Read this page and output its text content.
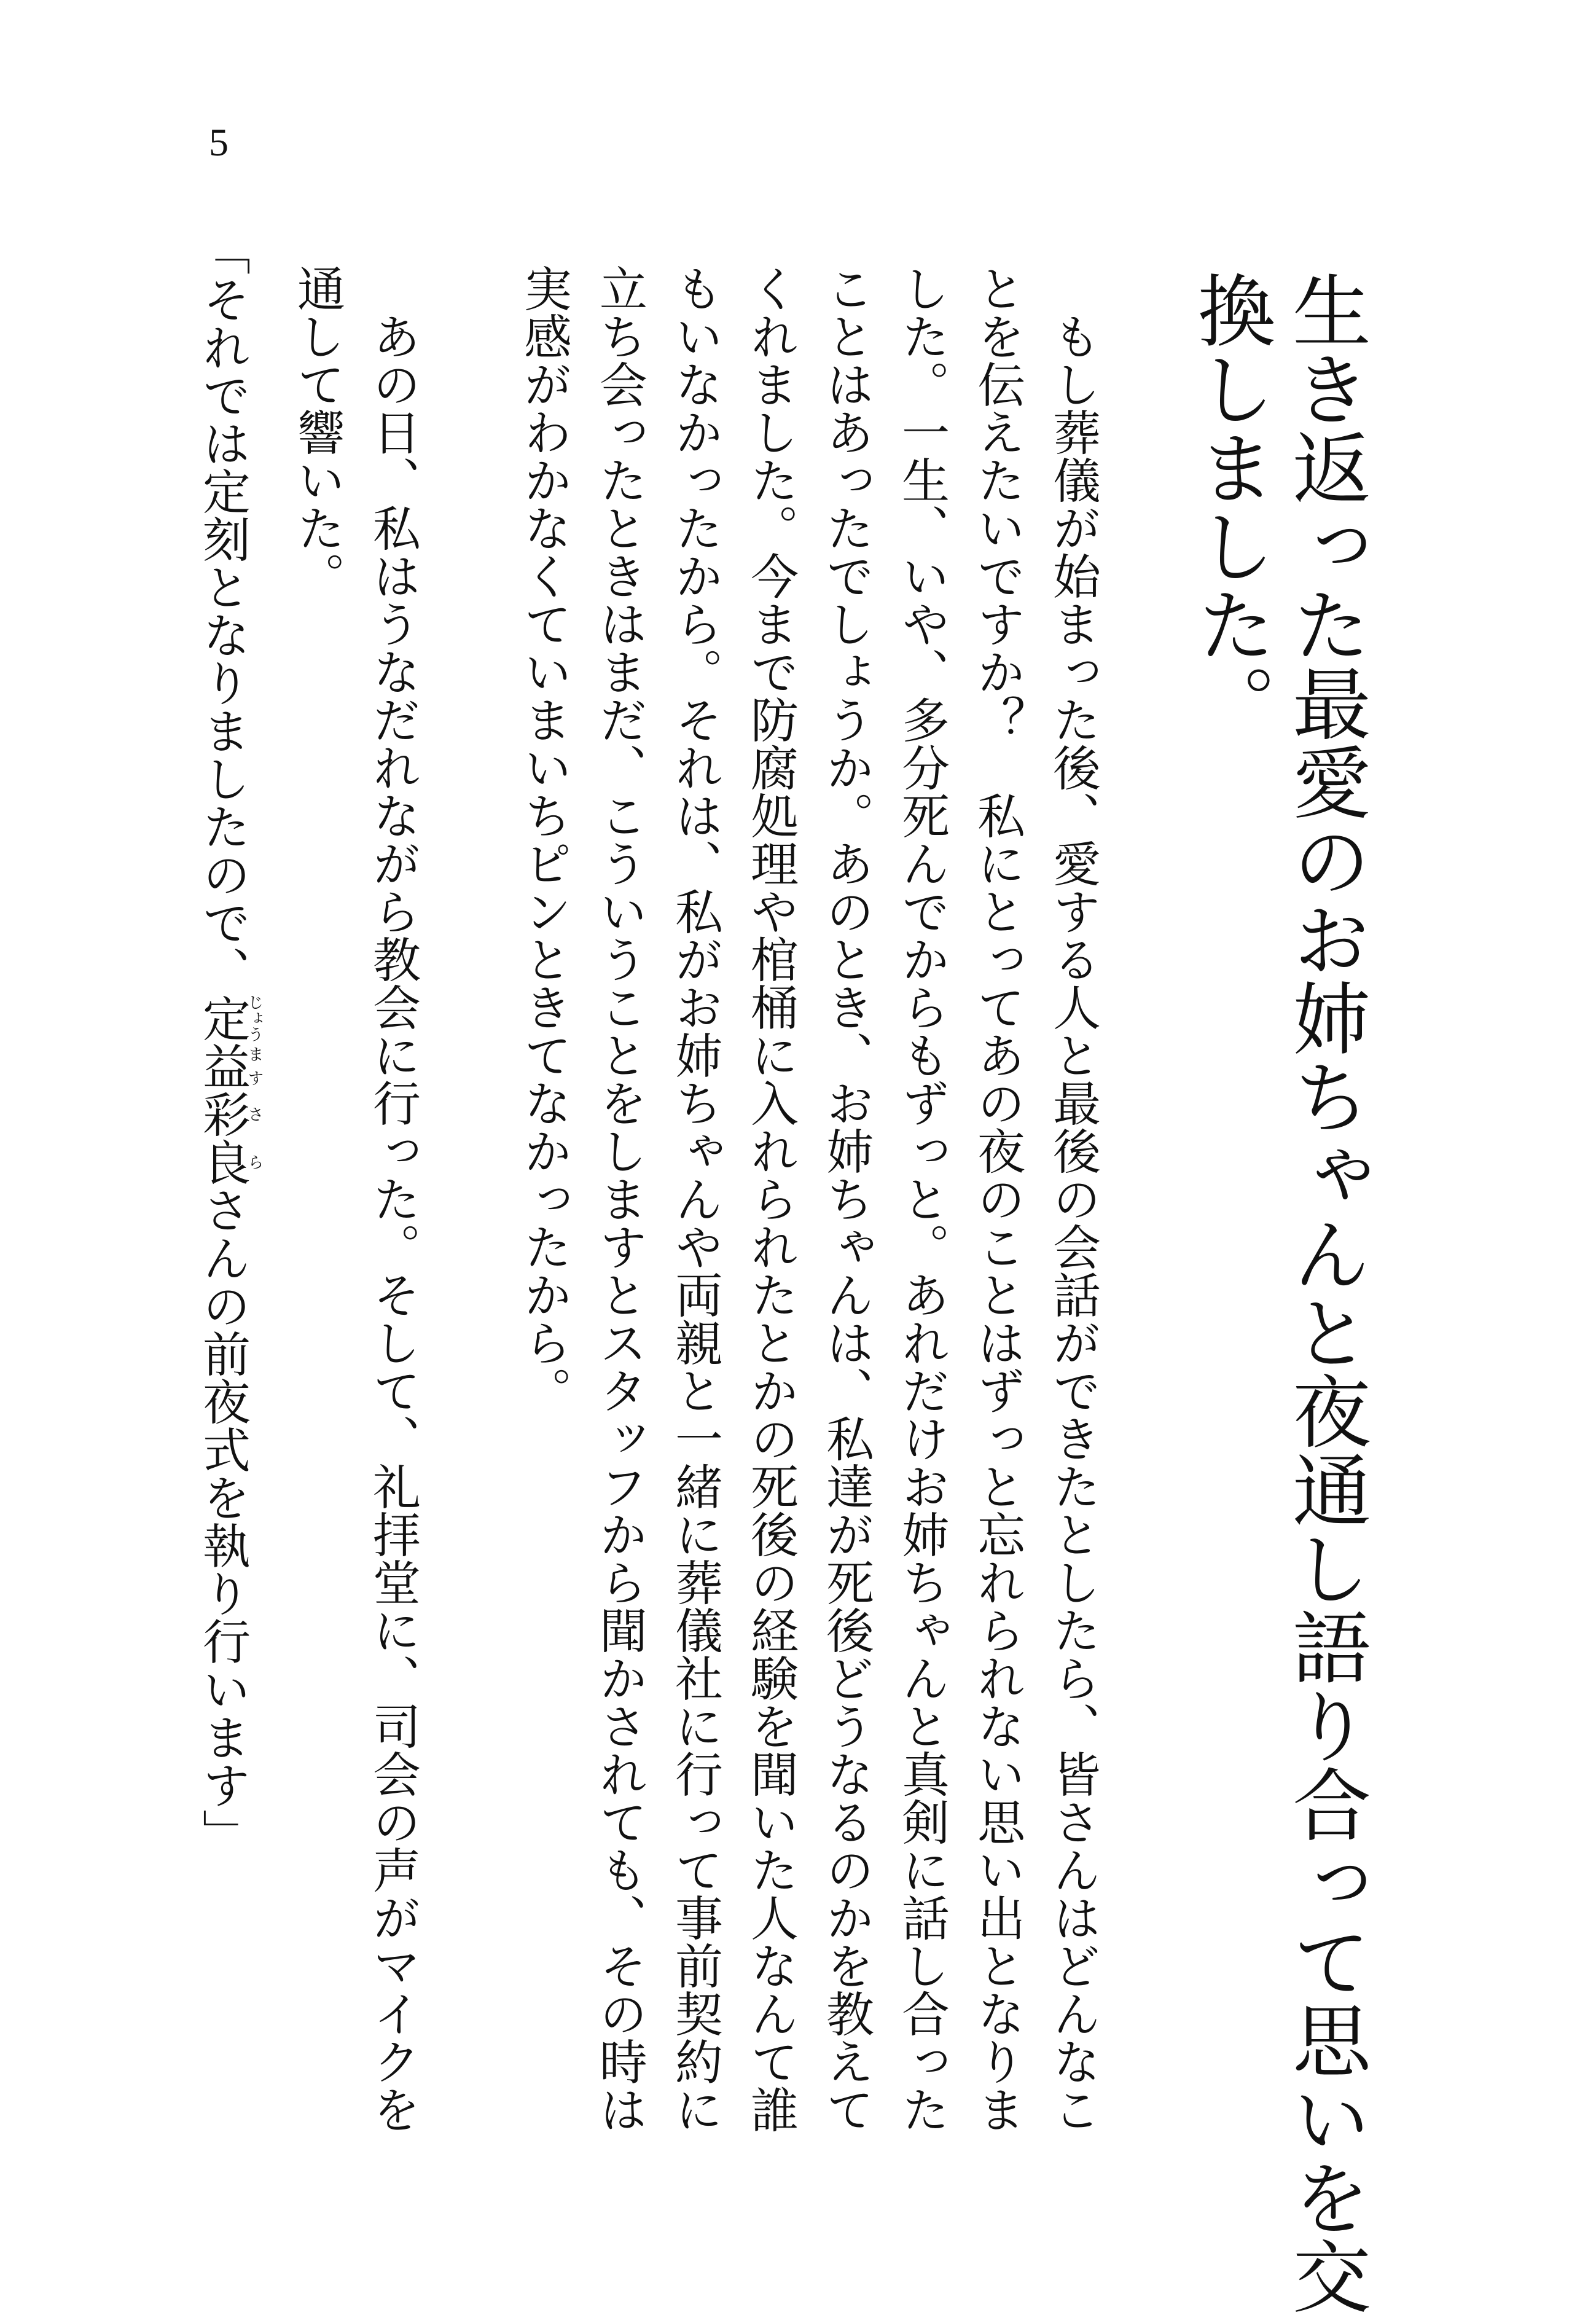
5
生き返った最愛のお姉ちゃんと夜通し語り合って思いを交
換しました。
もし葬儀が始まった後、愛する人と最後の会話ができたとしたら、皆さんはどんなこ
とを伝えたいですか？　私にとってあの夜のことはずっと忘れられない思い出となりま
した。一生、いや、多分死んでからもずっと。あれだけお姉ちゃんと真剣に話し合った
ことはあったでしょうか。あのとき、お姉ちゃんは、私達が死後どうなるのかを教えて
くれました。今まで防腐処理や棺桶に入れられたとかの死後の経験を聞いた人なんて誰
もいなかったから。それは、私がお姉ちゃんや両親と一緒に葬儀社に行って事前契約に
立ち会ったときはまだ、こういうことをしますとスタッフから聞かされても、その時は
実感がわかなくていまいちピンときてなかったから。
あの日、私はうなだれながら教会に行った。そして、礼拝堂に、司会の声がマイクを
通して響いた。
「それでは定刻となりましたので、定じょう益ます彩さ良らさんの前夜式を執り行います」
